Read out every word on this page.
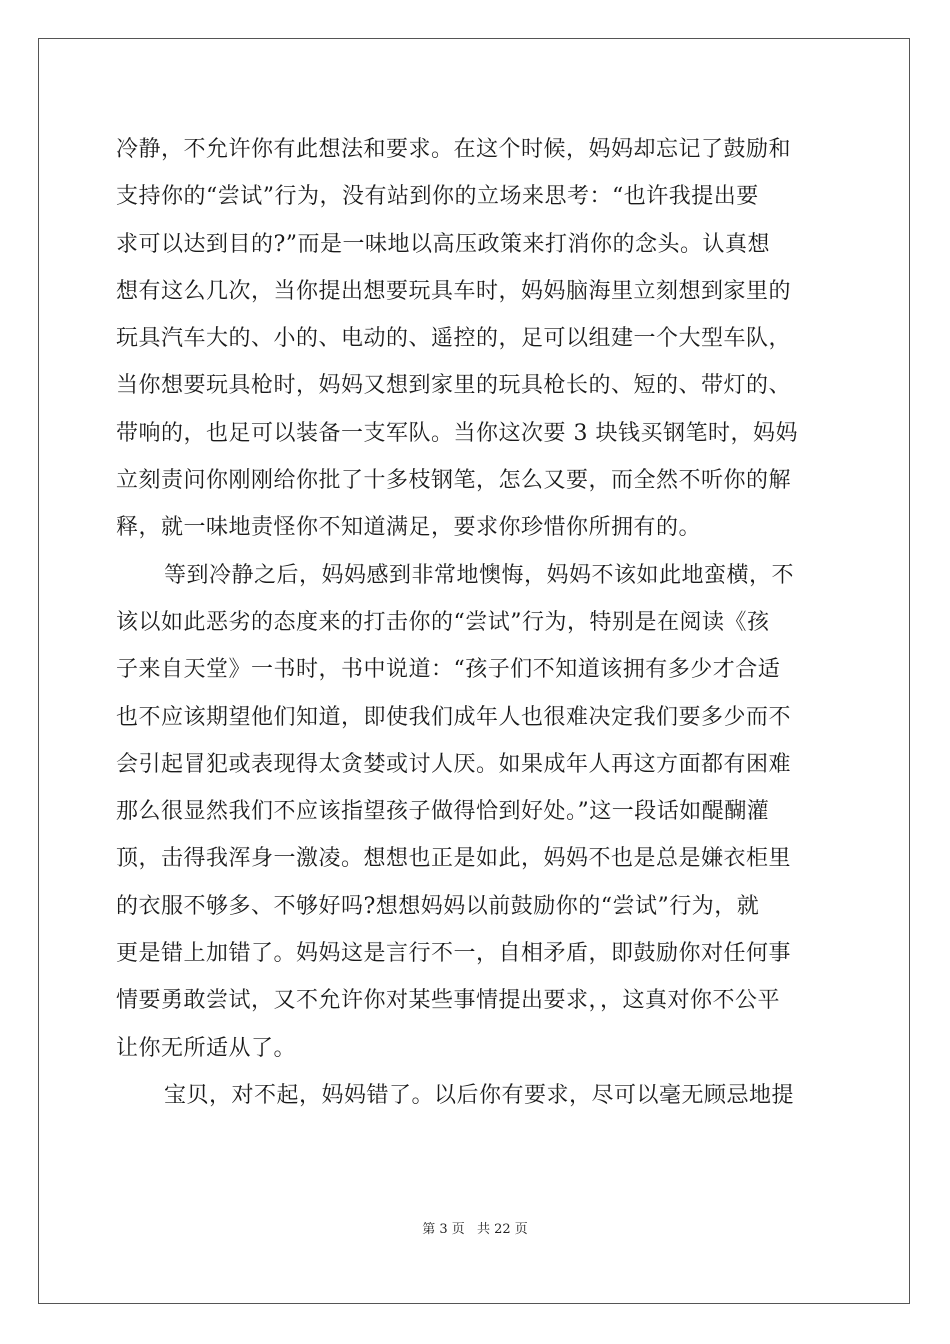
冷静，不允许你有此想法和要求。在这个时候，妈妈却忘记了鼓励和
支持你的“尝试”行为，没有站到你的立场来思考：“也许我提出要
求可以达到目的?”而是一味地以高压政策来打消你的念头。认真想
想有这么几次，当你提出想要玩具车时，妈妈脑海里立刻想到家里的
玩具汽车大的、小的、电动的、遥控的，足可以组建一个大型车队，
当你想要玩具枪时，妈妈又想到家里的玩具枪长的、短的、带灯的、
带响的，也足可以装备一支军队。当你这次要 3 块钱买钢笔时，妈妈
立刻责问你刚刚给你批了十多枝钢笔，怎么又要，而全然不听你的解
释，就一味地责怪你不知道满足，要求你珍惜你所拥有的。
等到冷静之后，妈妈感到非常地懊悔，妈妈不该如此地蛮横，不
该以如此恶劣的态度来的打击你的“尝试”行为，特别是在阅读《孩
子来自天堂》一书时，书中说道：“孩子们不知道该拥有多少才合适
也不应该期望他们知道，即使我们成年人也很难决定我们要多少而不
会引起冒犯或表现得太贪婪或讨人厌。如果成年人再这方面都有困难
那么很显然我们不应该指望孩子做得恰到好处。”这一段话如醍醐灌
顶，击得我浑身一激凌。想想也正是如此，妈妈不也是总是嫌衣柜里
的衣服不够多、不够好吗?想想妈妈以前鼓励你的“尝试”行为，就
更是错上加错了。妈妈这是言行不一，自相矛盾，即鼓励你对任何事
情要勇敢尝试，又不允许你对某些事情提出要求，，这真对你不公平
让你无所适从了。
宝贝，对不起，妈妈错了。以后你有要求，尽可以毫无顾忌地提
第 3 页 共 22 页
